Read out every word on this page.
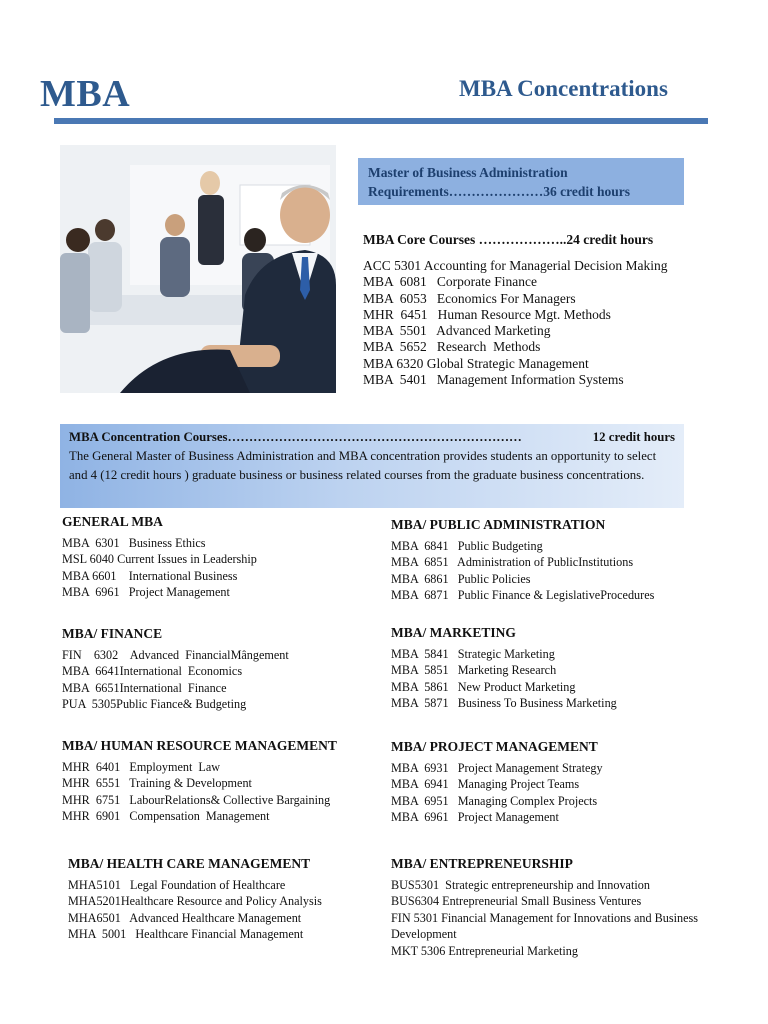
MBA	MBA Concentrations
Master of Business Administration
Requirements…………………36 credit hours
MBA Core Courses ………………..24 credit hours
ACC 5301 Accounting for Managerial Decision Making
MBA  6081   Corporate Finance
MBA  6053   Economics For Managers
MHR  6451   Human Resource Mgt. Methods
MBA  5501   Advanced Marketing
MBA  5652   Research  Methods
MBA 6320 Global Strategic Management
MBA  5401   Management Information Systems
MBA Concentration Courses……………………………………………………………	12 credit hours
The General Master of Business Administration and MBA concentration provides students an opportunity to select and 4 (12 credit hours ) graduate business or business related courses from the graduate business concentrations.
GENERAL MBA
MBA  6301   Business Ethics
MSL 6040 Current Issues in Leadership
MBA 6601    International Business
MBA  6961   Project Management
MBA/ FINANCE
FIN    6302    Advanced  FinancialMângement
MBA  6641International  Economics
MBA  6651International  Finance
PUA  5305Public Fiance& Budgeting
MBA/ HUMAN RESOURCE MANAGEMENT
MHR  6401   Employment  Law
MHR  6551   Training & Development
MHR  6751   LabourRelations& Collective Bargaining
MHR  6901   Compensation  Management
MBA/ HEALTH CARE MANAGEMENT
MHA5101   Legal Foundation of Healthcare
MHA5201Healthcare Resource and Policy Analysis
MHA6501   Advanced Healthcare Management
MHA  5001   Healthcare Financial Management
MBA/ PUBLIC ADMINISTRATION
MBA  6841   Public Budgeting
MBA  6851   Administration of PublicInstitutions
MBA  6861   Public Policies
MBA  6871   Public Finance & LegislativeProcedures
MBA/ MARKETING
MBA  5841   Strategic Marketing
MBA  5851   Marketing Research
MBA  5861   New Product Marketing
MBA  5871   Business To Business Marketing
MBA/ PROJECT MANAGEMENT
MBA  6931   Project Management Strategy
MBA  6941   Managing Project Teams
MBA  6951   Managing Complex Projects
MBA  6961   Project Management
MBA/ ENTREPRENEURSHIP
BUS5301  Strategic entrepreneurship and Innovation
BUS6304 Entrepreneurial Small Business Ventures
FIN 5301 Financial Management for Innovations and Business Development
MKT 5306 Entrepreneurial Marketing
